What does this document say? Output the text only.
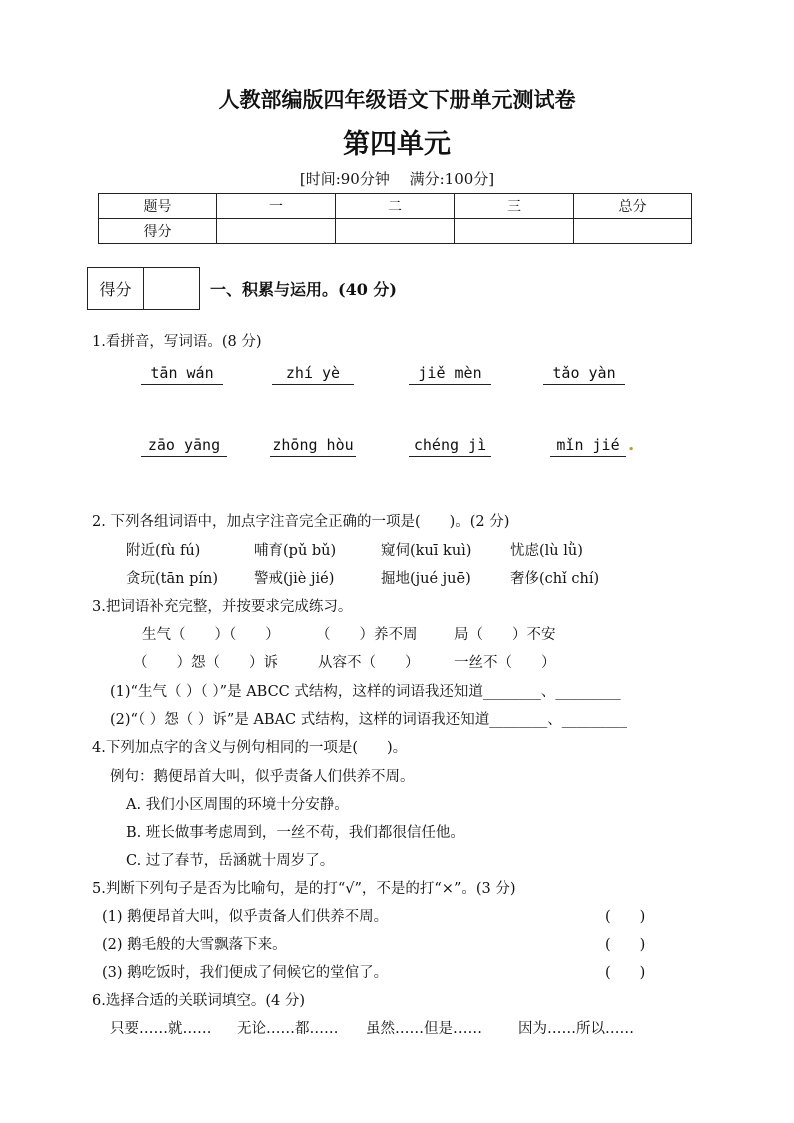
人教部编版四年级语文下册单元测试卷
第四单元
[时间:90分钟　 满分:100分]
题号	一	二	三	总分
得分				
得分	一、积累与运用。(40 分)
1.看拼音，写词语。(8 分)
tān wán	zhí yè	jiě mèn	tǎo yàn
zāo yāng	zhōng hòu	chéng jì	mǐn jié .
2. 下列各组词语中，加点字注音完全正确的一项是(　　)。(2 分)
附近(fù fú)	哺育(pǔ bǔ)	窥伺(kuī kuì)	忧虑(lù lǜ)
贪玩(tān pín) 警戒(jiè jié)	掘地(jué juē)	奢侈(chǐ chí)
3.把词语补充完整，并按要求完成练习。
生气（　　）（　　）	（　　）养不周	局（　　）不安
（　　）怨（　　）诉	从容不（　　） 一丝不（　　）
(1)“生气（ ）（ ）”是 ABCC 式结构，这样的词语我还知道________、_________
(2)“（ ）怨（ ）诉”是 ABAC 式结构，这样的词语我还知道________、_________
4.下列加点字的含义与例句相同的一项是(　　)。
例句：鹅便昂首大叫，似乎责备人们供养不周。
A. 我们小区周围的环境十分安静。
B. 班长做事考虑周到，一丝不苟，我们都很信任他。
C. 过了春节，岳涵就十周岁了。
5.判断下列句子是否为比喻句，是的打“√”，不是的打“×”。(3 分)
(1) 鹅便昂首大叫，似乎责备人们供养不周。	(　　)
(2) 鹅毛般的大雪飘落下来。	(　　)
(3) 鹅吃饭时，我们便成了伺候它的堂倌了。	(　　)
6.选择合适的关联词填空。(4 分)
只要……就…… 无论……都…… 虽然……但是…… 因为……所以……
